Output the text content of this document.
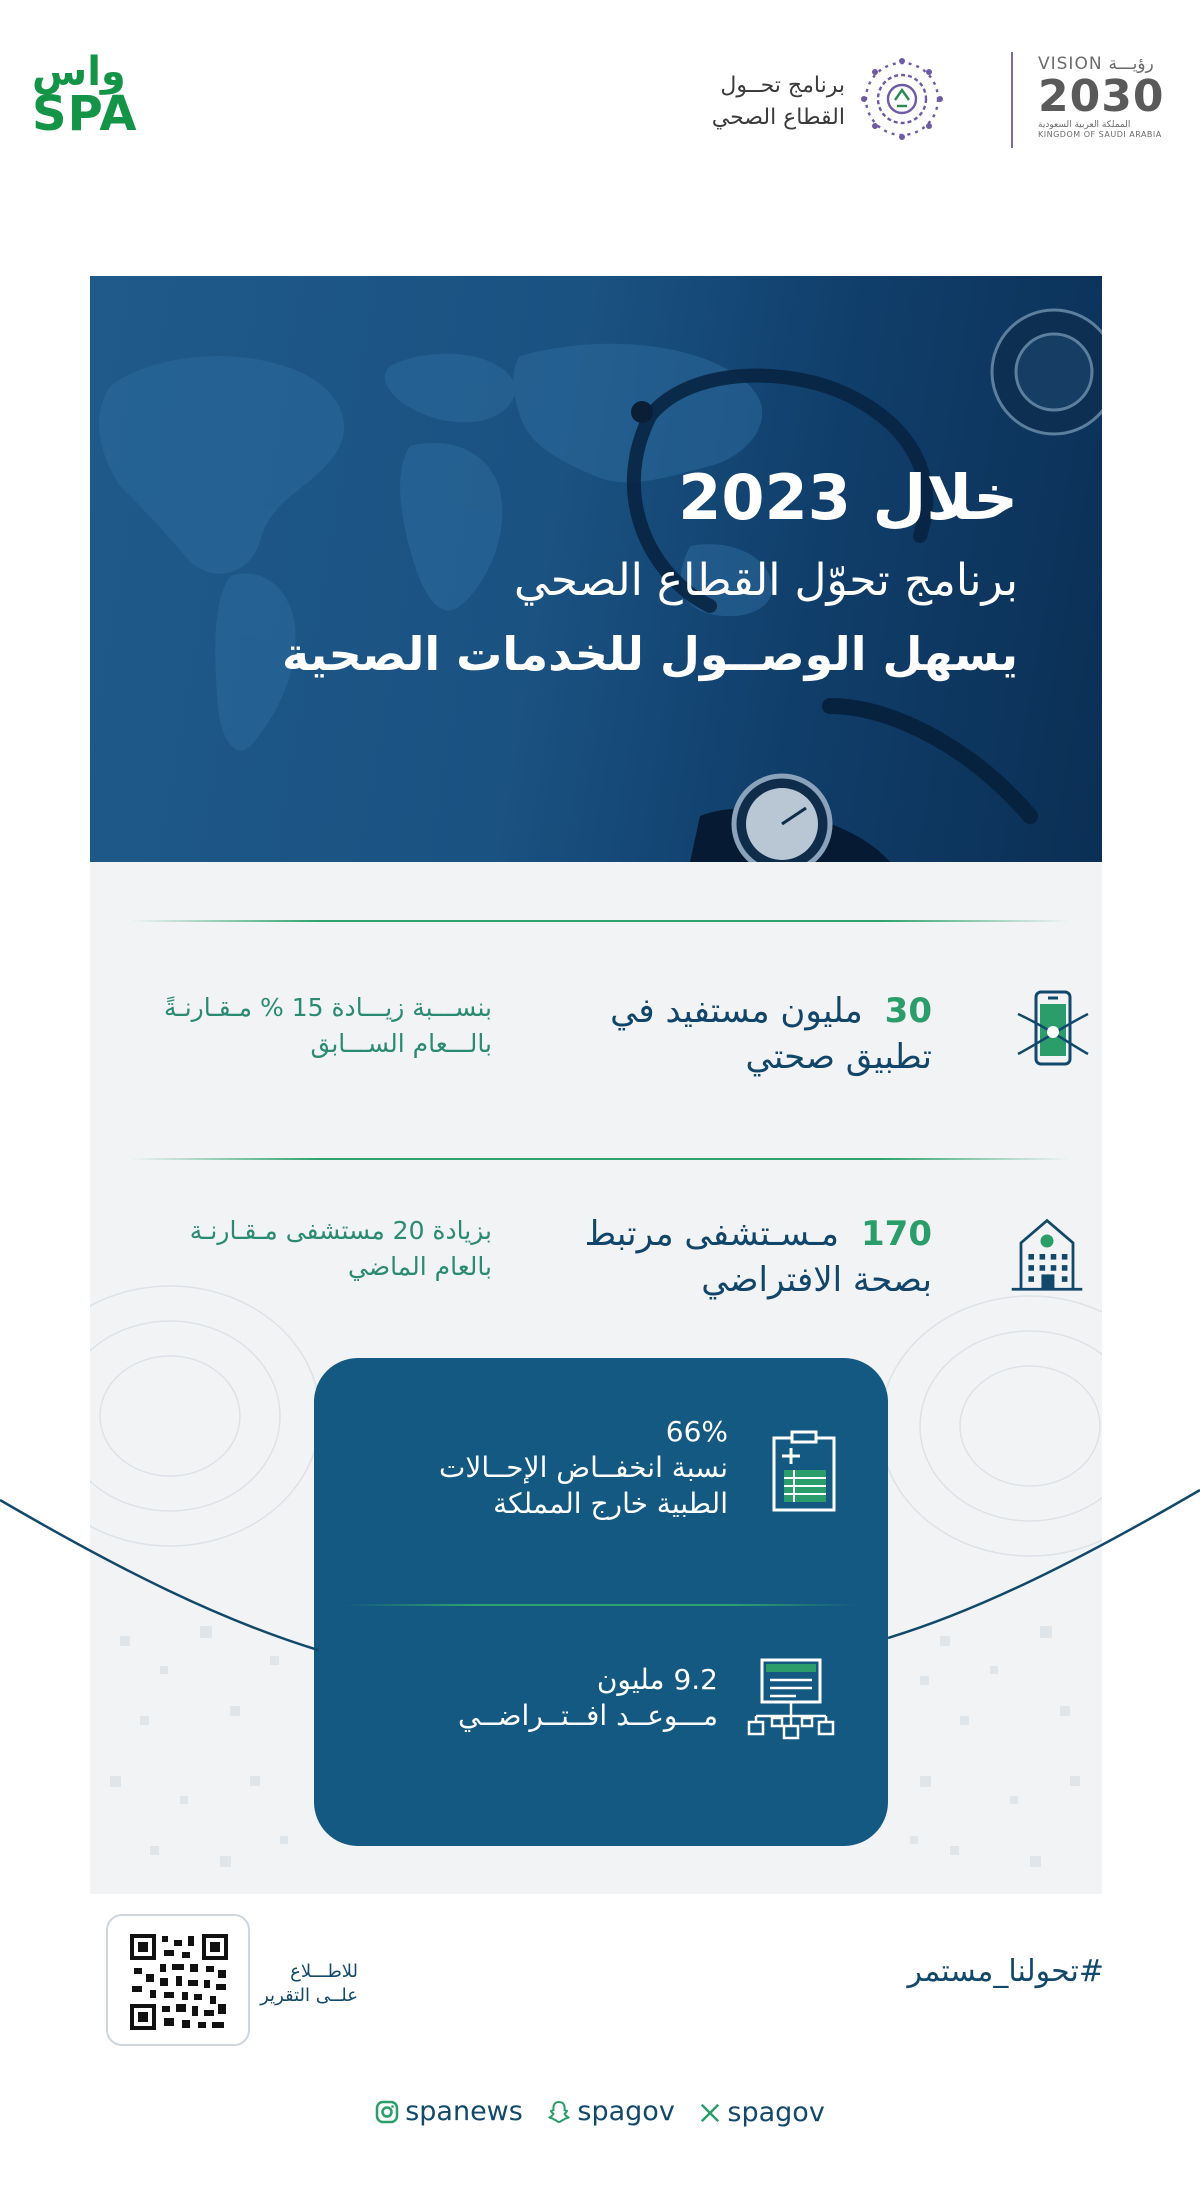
واس
SPA
برنامج تحــول
القطاع الصحي
VISION رؤيـــة
2030
المملكة العربية السعودية
KINGDOM OF SAUDI ARABIA
خلال 2023
برنامج تحوّل القطاع الصحي
يسهل الوصــول للخدمات الصحية
30مليون مستفيد في
تطبيق صحتي
بنســـبة زيـــادة 15 % مـقـارنـةً
بالـــعام الســـابق
170مـسـتشفى مرتبط
بصحة الافتراضي
بزيادة 20 مستشفى مـقـارنـة
بالعام الماضي
66%
نسبة انخفــاض الإحــالات
الطبية خارج المملكة
9.2 مليون
مـــوعــد افــتــراضــي
للاطـــلاع
علــى التقرير
#تحولنا_مستمر
spanews
spagov
spagov
